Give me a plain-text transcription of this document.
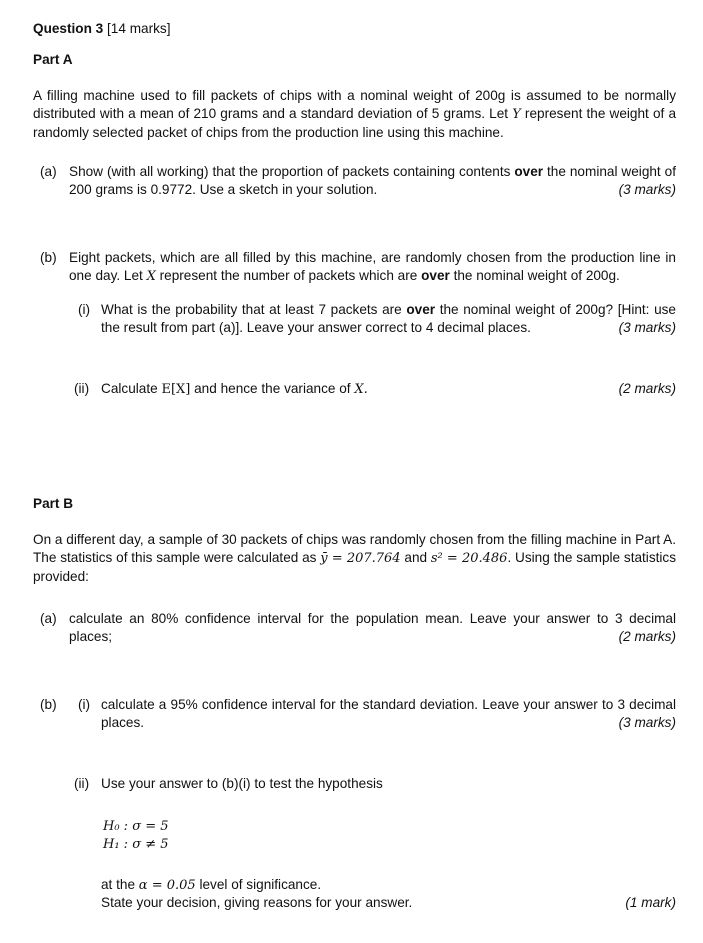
Question 3 [14 marks]
Part A
A filling machine used to fill packets of chips with a nominal weight of 200g is assumed to be normally distributed with a mean of 210 grams and a standard deviation of 5 grams. Let Y represent the weight of a randomly selected packet of chips from the production line using this machine.
(a) Show (with all working) that the proportion of packets containing contents over the nominal weight of 200 grams is 0.9772. Use a sketch in your solution.	(3 marks)
(b) Eight packets, which are all filled by this machine, are randomly chosen from the production line in one day. Let X represent the number of packets which are over the nominal weight of 200g.
(i) What is the probability that at least 7 packets are over the nominal weight of 200g? [Hint: use the result from part (a)]. Leave your answer correct to 4 decimal places.	(3 marks)
(ii) Calculate E[X] and hence the variance of X.	(2 marks)
Part B
On a different day, a sample of 30 packets of chips was randomly chosen from the filling machine in Part A. The statistics of this sample were calculated as ȳ = 207.764 and s² = 20.486. Using the sample statistics provided:
(a) calculate an 80% confidence interval for the population mean. Leave your answer to 3 decimal places;	(2 marks)
(b) (i) calculate a 95% confidence interval for the standard deviation. Leave your answer to 3 decimal places.	(3 marks)
(ii) Use your answer to (b)(i) to test the hypothesis
H₀ : σ = 5
H₁ : σ ≠ 5
at the α = 0.05 level of significance.
State your decision, giving reasons for your answer.	(1 mark)
